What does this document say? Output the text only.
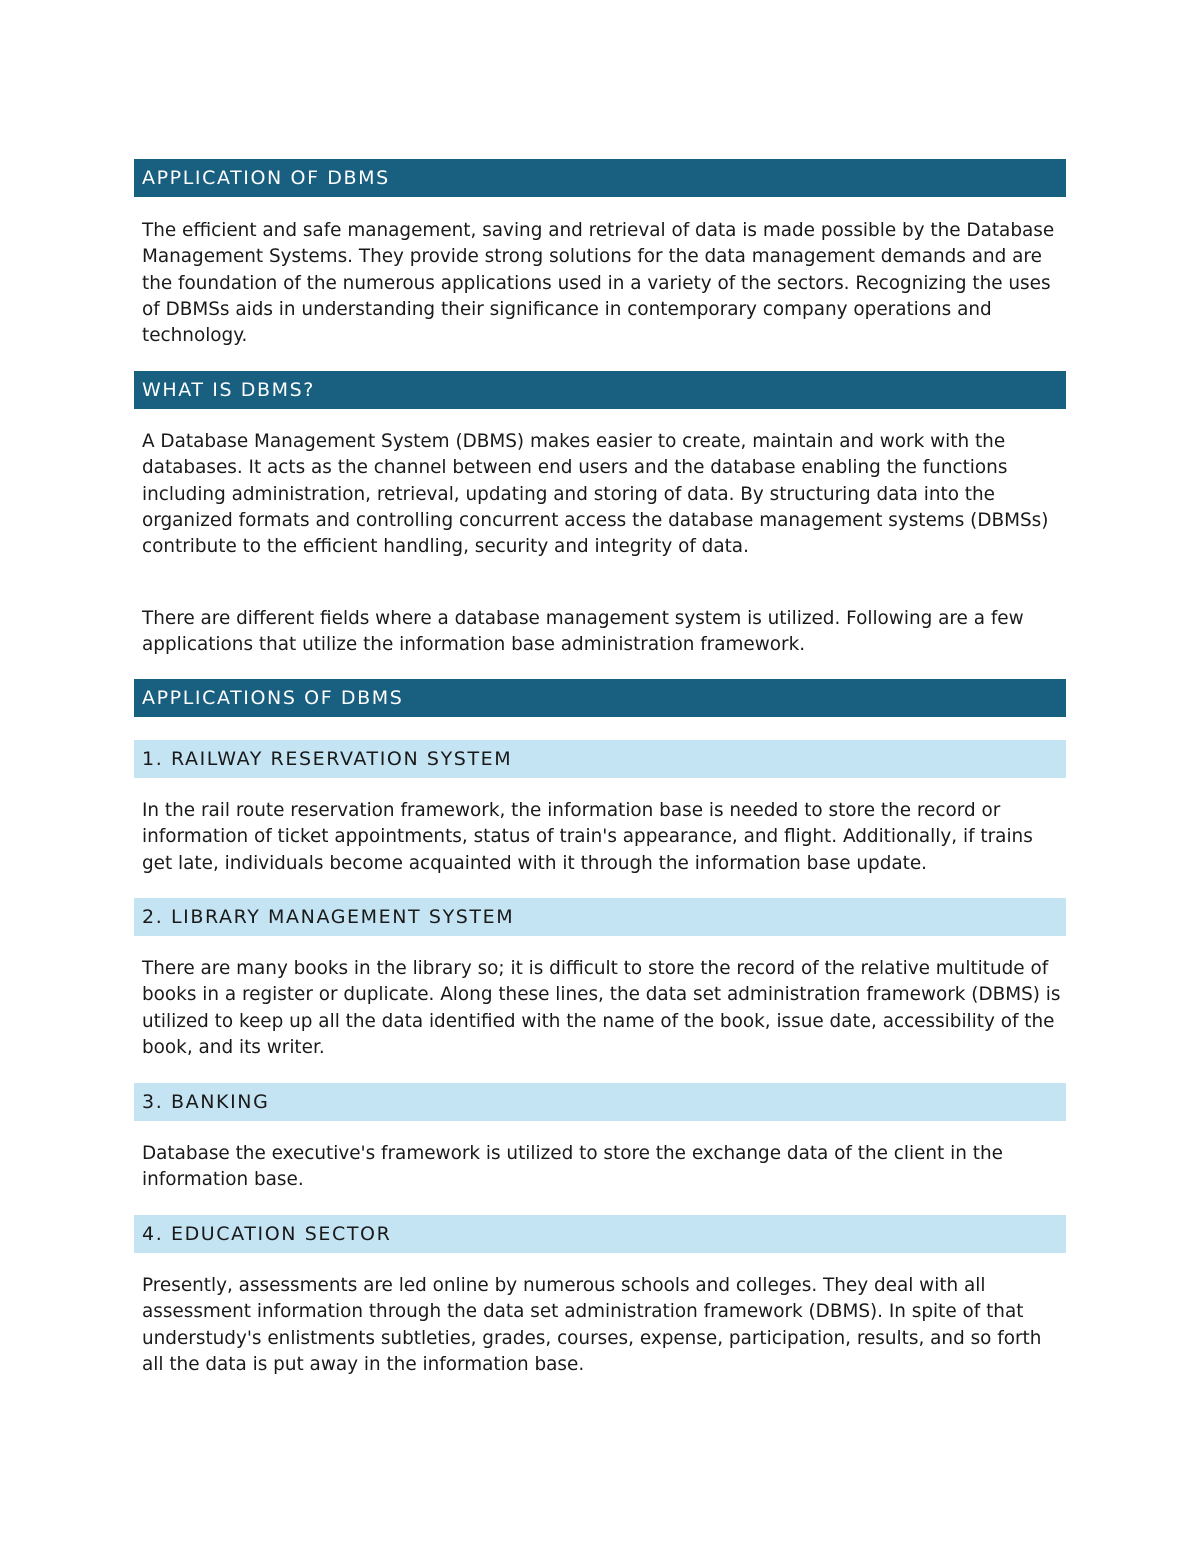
APPLICATION OF DBMS

The efficient and safe management, saving and retrieval of data is made possible by the Database Management Systems. They provide strong solutions for the data management demands and are the foundation of the numerous applications used in a variety of the sectors. Recognizing the uses of DBMSs aids in understanding their significance in contemporary company operations and technology.

WHAT IS DBMS?

A Database Management System (DBMS) makes easier to create, maintain and work with the databases. It acts as the channel between end users and the database enabling the functions including administration, retrieval, updating and storing of data. By structuring data into the organized formats and controlling concurrent access the database management systems (DBMSs) contribute to the efficient handling, security and integrity of data.

There are different fields where a database management system is utilized. Following are a few applications that utilize the information base administration framework.

APPLICATIONS OF DBMS
1. RAILWAY RESERVATION SYSTEM

In the rail route reservation framework, the information base is needed to store the record or information of ticket appointments, status of train's appearance, and flight. Additionally, if trains get late, individuals become acquainted with it through the information base update.

2. LIBRARY MANAGEMENT SYSTEM

There are many books in the library so; it is difficult to store the record of the relative multitude of books in a register or duplicate. Along these lines, the data set administration framework (DBMS) is utilized to keep up all the data identified with the name of the book, issue date, accessibility of the book, and its writer.

3. BANKING

Database the executive's framework is utilized to store the exchange data of the client in the information base.

4. EDUCATION SECTOR

Presently, assessments are led online by numerous schools and colleges. They deal with all assessment information through the data set administration framework (DBMS). In spite of that understudy's enlistments subtleties, grades, courses, expense, participation, results, and so forth all the data is put away in the information base.
